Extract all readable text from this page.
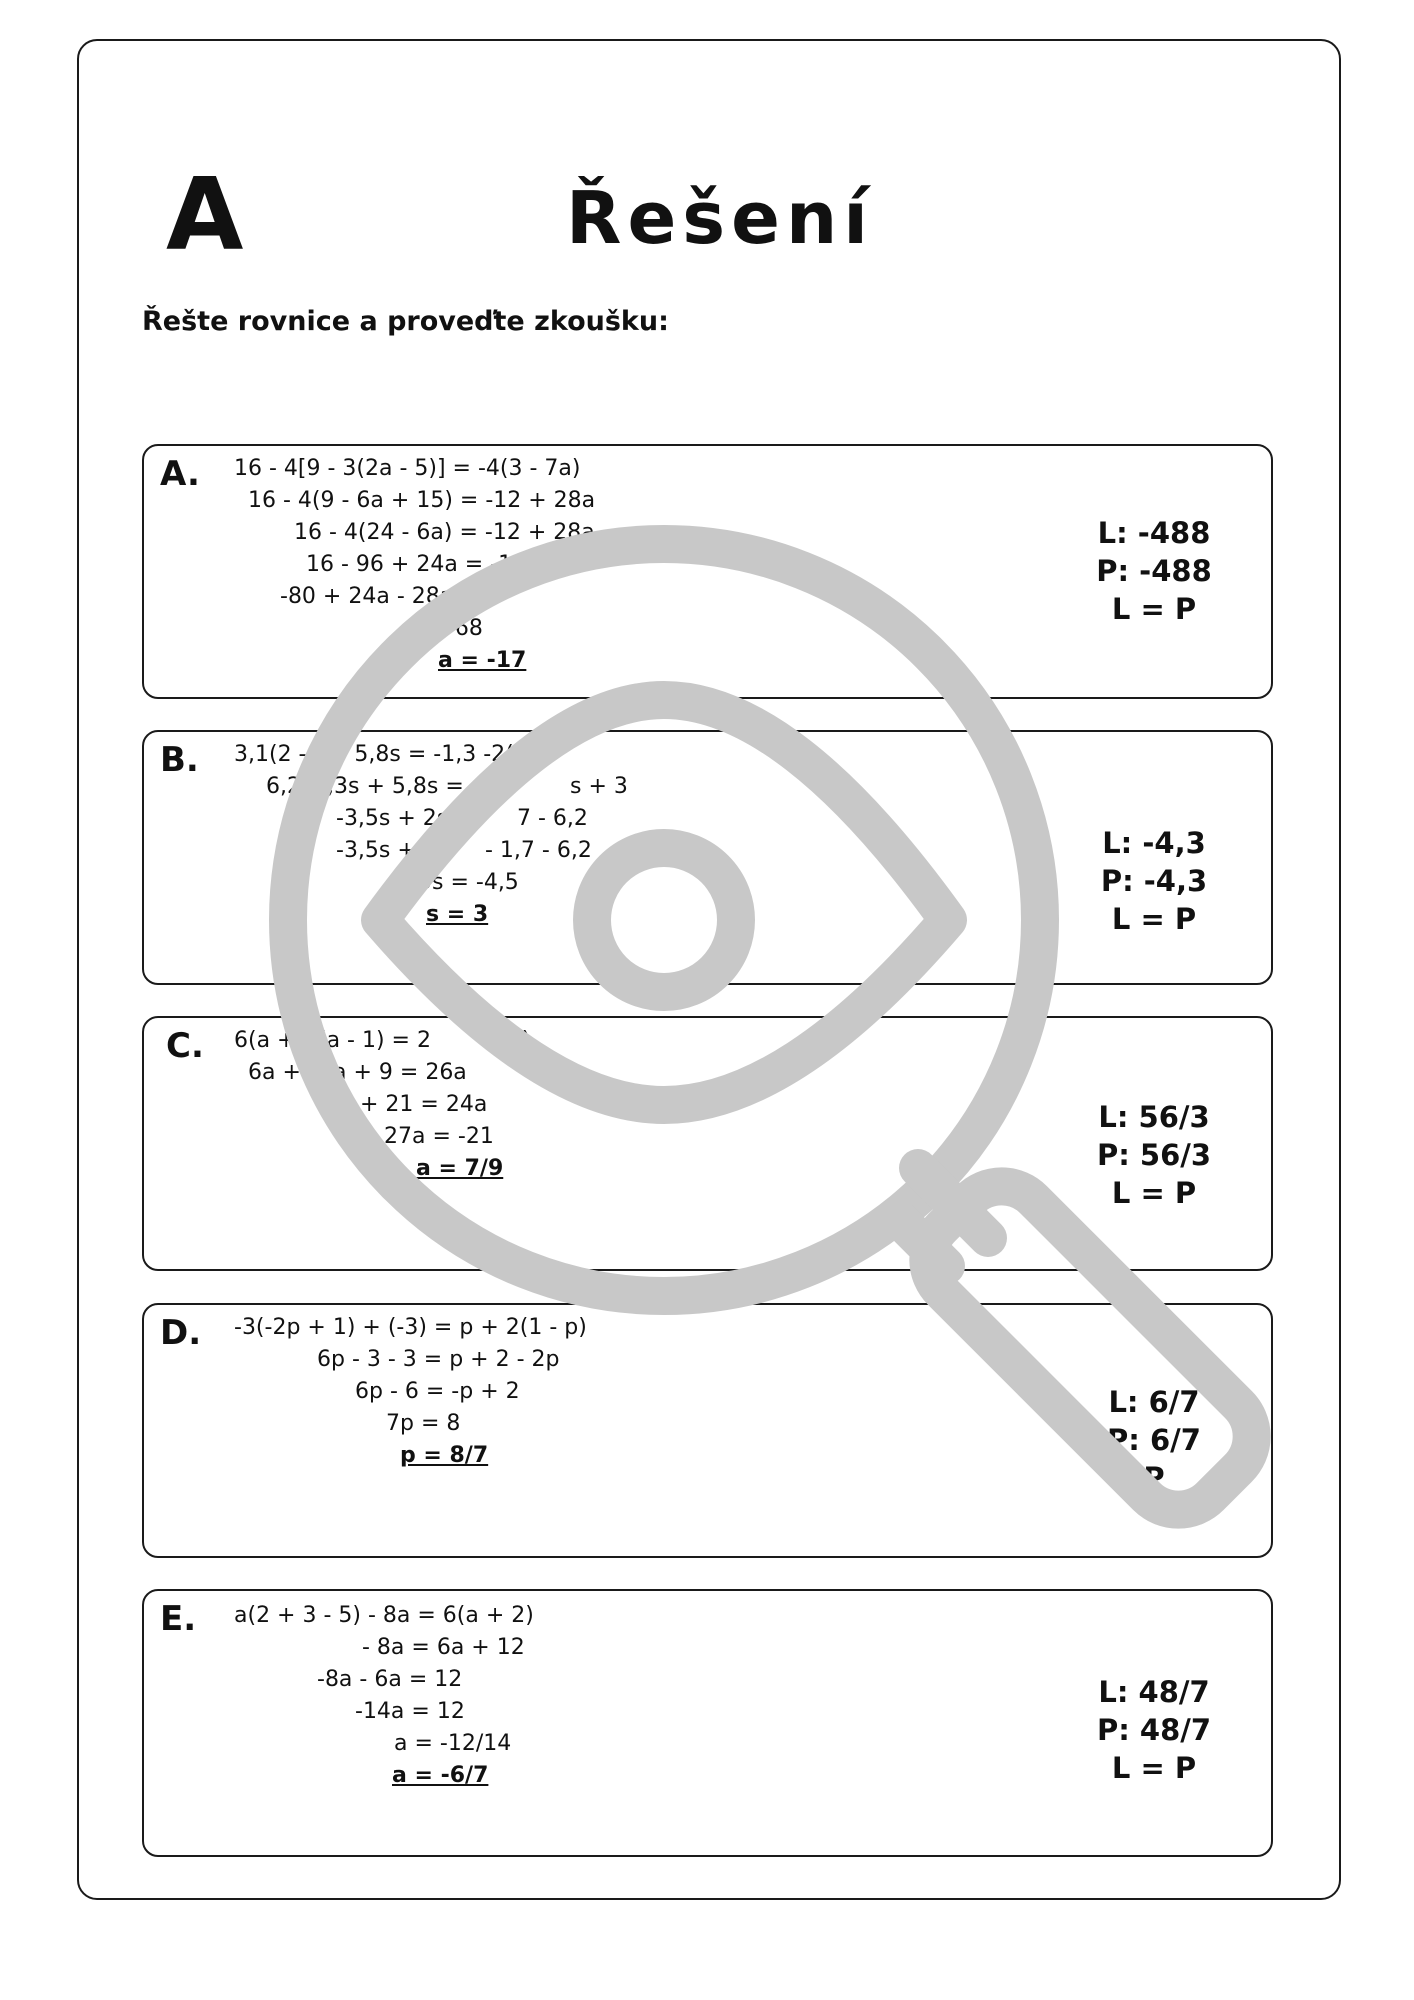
A	Řešení
Řešte rovnice a proveďte zkoušku:
A. 16 - 4[9 - 3(2a - 5)] = -4(3 - 7a)
16 - 4(9 - 6a + 15) = -12 + 28a
16 - 4(24 - 6a) = -12 + 28a
16 - 96 + 24a = -12
-80 + 24a - 28a
- 68
a = -17
L: -488
P: -488
L = P
B. 3,1(2 - + 5,8s = -1,3 -2(
6,2 ,3s + 5,8s = -	s + 3
-3,5s + 2s	7 - 6,2
-3,5s +	- 1,7 - 6,2
5s = -4,5
s = 3
L: -4,3
P: -4,3
L = P
C. 6(a + 9(a - 1) = 2	- 1)
6a + 1
9a + 9 = 26a
+ 21 = 24a
27a = -21
a = 7/9
L: 56/3
P: 56/3
L = P
D. -3(-2p + 1) + (-3) = p + 2(1 - p)
6p - 3 - 3 = p + 2 - 2p
6p - 6 = -p + 2
7p = 8
p = 8/7
L: 6/7
P: 6/7
P
E. a(2 + 3 - 5) - 8a = 6(a + 2)
- 8a = 6a + 12
-8a - 6a = 12
-14a = 12
a = -12/14
a = -6/7
L: 48/7
P: 48/7
L = P
